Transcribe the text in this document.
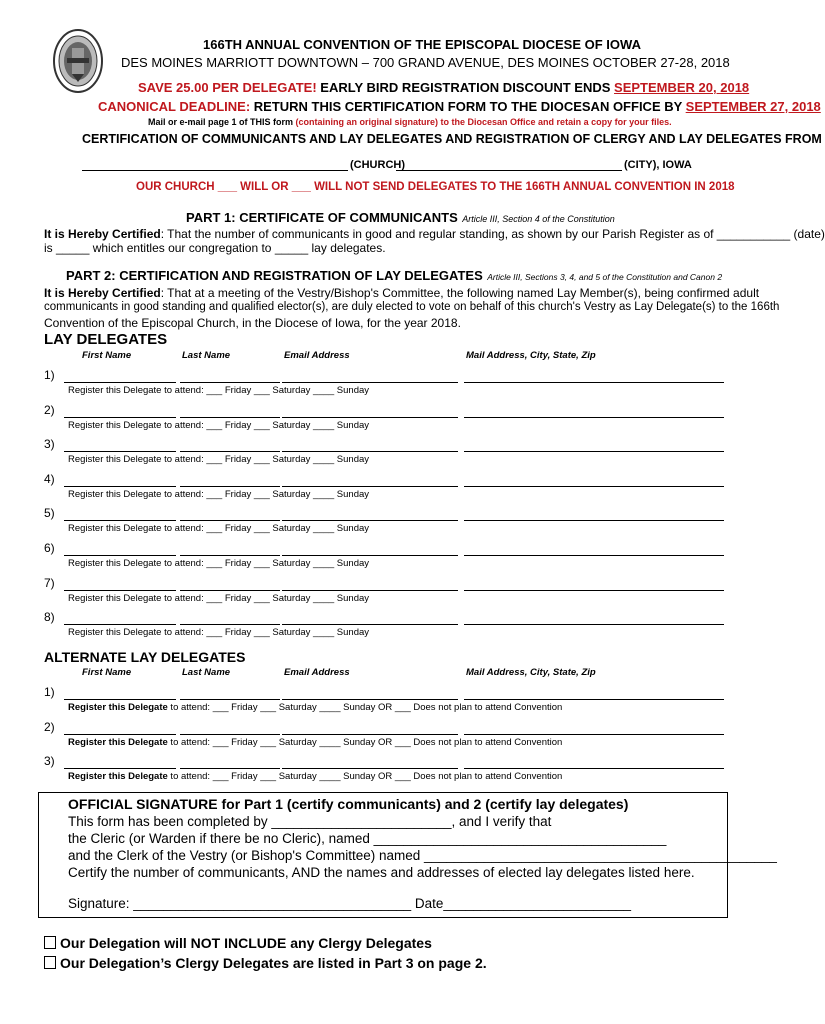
166TH ANNUAL CONVENTION OF THE EPISCOPAL DIOCESE OF IOWA
DES MOINES MARRIOTT DOWNTOWN – 700 GRAND AVENUE, DES MOINES OCTOBER 27-28, 2018
SAVE 25.00 PER DELEGATE! EARLY BIRD REGISTRATION DISCOUNT ENDS SEPTEMBER 20, 2018
CANONICAL DEADLINE: RETURN THIS CERTIFICATION FORM TO THE DIOCESAN OFFICE BY SEPTEMBER 27, 2018
Mail or e-mail page 1 of THIS form (containing an original signature) to the Diocesan Office and retain a copy for your files.
CERTIFICATION OF COMMUNICANTS AND LAY DELEGATES AND REGISTRATION OF CLERGY AND LAY DELEGATES FROM
(CHURCH)	(CITY), IOWA
OUR CHURCH ___ WILL OR ___ WILL NOT SEND DELEGATES TO THE 166TH ANNUAL CONVENTION IN 2018
PART 1: CERTIFICATE OF COMMUNICANTS Article III, Section 4 of the Constitution
It is Hereby Certified: That the number of communicants in good and regular standing, as shown by our Parish Register as of ___________ (date)
is _____ which entitles our congregation to _____ lay delegates.
PART 2: CERTIFICATION AND REGISTRATION OF LAY DELEGATES Article III, Sections 3, 4, and 5 of the Constitution and Canon 2
It is Hereby Certified: That at a meeting of the Vestry/Bishop's Committee, the following named Lay Member(s), being confirmed adult
communicants in good standing and qualified elector(s), are duly elected to vote on behalf of this church's Vestry as Lay Delegate(s) to the 166th
Convention of the Episcopal Church, in the Diocese of Iowa, for the year 2018.
LAY DELEGATES
First Name	Last Name	Email Address	Mail Address, City, State, Zip
1)
Register this Delegate to attend: ___ Friday ___ Saturday ____ Sunday
2)
Register this Delegate to attend: ___ Friday ___ Saturday ____ Sunday
3)
Register this Delegate to attend: ___ Friday ___ Saturday ____ Sunday
4)
Register this Delegate to attend: ___ Friday ___ Saturday ____ Sunday
5)
Register this Delegate to attend: ___ Friday ___ Saturday ____ Sunday
6)
Register this Delegate to attend: ___ Friday ___ Saturday ____ Sunday
7)
Register this Delegate to attend: ___ Friday ___ Saturday ____ Sunday
8)
Register this Delegate to attend: ___ Friday ___ Saturday ____ Sunday
ALTERNATE LAY DELEGATES
First Name	Last Name	Email Address	Mail Address, City, State, Zip
1)
Register this Delegate to attend: ___ Friday ___ Saturday ____ Sunday OR ___ Does not plan to attend Convention
2)
Register this Delegate to attend: ___ Friday ___ Saturday ____ Sunday OR ___ Does not plan to attend Convention
3)
Register this Delegate to attend: ___ Friday ___ Saturday ____ Sunday OR ___ Does not plan to attend Convention
OFFICIAL SIGNATURE for Part 1 (certify communicants) and 2 (certify lay delegates)
This form has been completed by ________________________, and I verify that
the Cleric (or Warden if there be no Cleric), named _______________________________________
and the Clerk of the Vestry (or Bishop's Committee) named _______________________________________________
Certify the number of communicants, AND the names and addresses of elected lay delegates listed here.
Signature: _____________________________________ Date_________________________
Our Delegation will NOT INCLUDE any Clergy Delegates
Our Delegation’s Clergy Delegates are listed in Part 3 on page 2.
